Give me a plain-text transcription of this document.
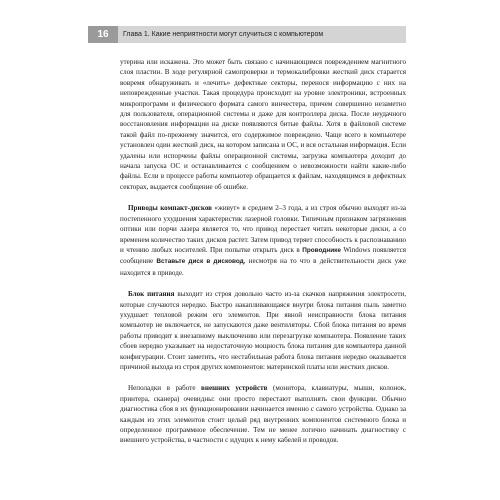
16	Глава 1. Какие неприятности могут случиться с компьютером

утерина или искажена. Это может быть связано с начинающимся повреждением магнитного слоя пластин. В ходе регулярной самопроверки и термокалибровки жесткий диск старается вовремя обнаруживать и «лечить» дефектные секторы, перенося информацию с них на неповрежденные участки. Такая процедура происходит на уровне электроники, встроенных микропрограмм и физического формата самого винчестера, причем совершенно незаметно для пользователя, операционной системы и даже для контроллера диска. После неудачного восстановления информации на диске появляются битые файлы. Хотя в файловой системе такой файл по-прежнему значится, его содержимое повреждено. Чаще всего в компьютере установлен один жесткий диск, на котором записана и ОС, и вся остальная информация. Если удалены или испорчены файлы операционной системы, загрузка компьютера доходит до начала запуска ОС и останавливается с сообщением о невозможности найти какие-либо файлы. Если в процессе работы компьютер обращается к файлам, находящимся в дефектных секторах, выдается сообщение об ошибке.

Приводы компакт-дисков «живут» в среднем 2–3 года, а из строя обычно выходят из-за постепенного ухудшения характеристик лазерной головки. Типичным признаком загрязнения оптики или порчи лазера является то, что привод перестает читать некоторые диски, а со временем количество таких дисков растет. Затем привод теряет способность к распознаванию и чтению любых носителей. При попытке открыть диск в Проводнике Windows появляется сообщение Вставьте диск в дисковод, несмотря на то что в действительности диск уже находится в приводе.

Блок питания выходит из строя довольно часто из-за скачков напряжения электросети, которые случаются нередко. Быстро накапливающаяся внутри блока питания пыль заметно ухудшает тепловой режим его элементов. При явной неисправности блока питания компьютер не включается, не запускаются даже вентиляторы. Сбой блока питания во время работы приводит к внезапному выключению или перезагрузке компьютера. Появление таких сбоев нередко указывает на недостаточную мощность блока питания для компьютера данной конфигурации. Стоит заметить, что нестабильная работа блока питания нередко оказывается причиной выхода из строя других компонентов: материнской платы или жестких дисков.

Неполадки в работе внешних устройств (монитора, клавиатуры, мыши, колонок, принтера, сканера) очевидны: они просто перестают выполнять свои функции. Обычно диагностика сбоя в их функционировании начинается именно с самого устройства. Однако за каждым из этих элементов стоит целый ряд внутренних компонентов системного блока и определенное программное обеспечение. Тем не менее логично начинать диагностику с внешнего устройства, в частности с идущих к нему кабелей и проводов.
